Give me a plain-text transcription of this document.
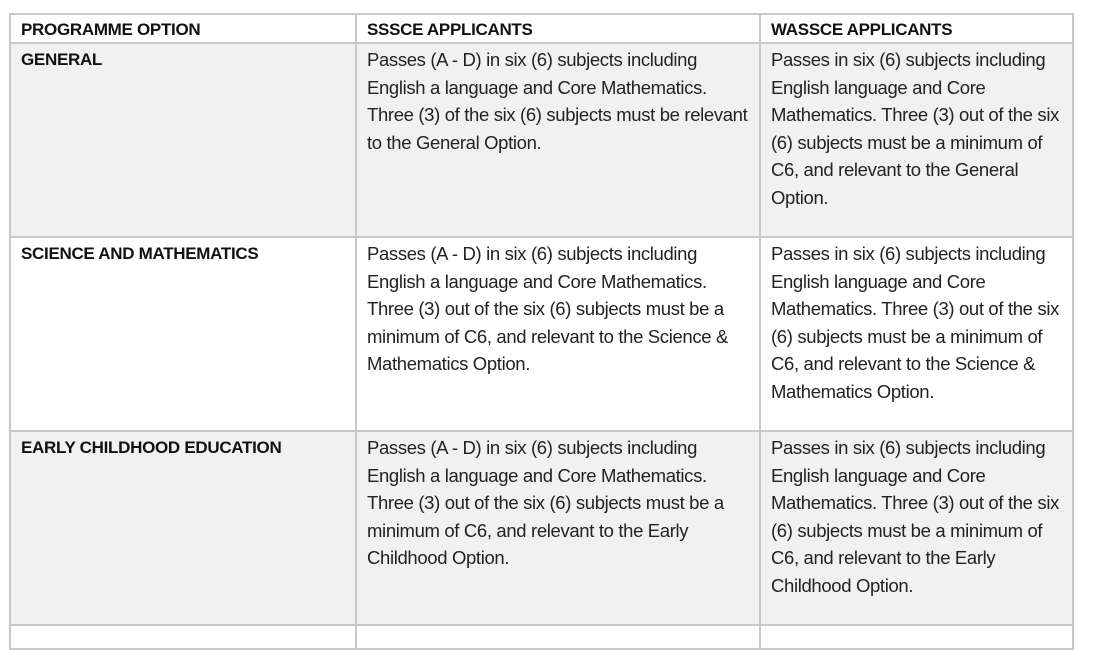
PROGRAMME OPTION	SSSCE APPLICANTS	WASSCE APPLICANTS
GENERAL	Passes (A - D) in six (6) subjects including English a language and Core Mathematics. Three (3) of the six (6) subjects must be relevant to the General Option.	Passes in six (6) subjects including English language and Core Mathematics. Three (3) out of the six (6) subjects must be a minimum of C6, and relevant to the General Option.
SCIENCE AND MATHEMATICS	Passes (A - D) in six (6) subjects including English a language and Core Mathematics. Three (3) out of the six (6) subjects must be a minimum of C6, and relevant to the Science & Mathematics Option.	Passes in six (6) subjects including English language and Core Mathematics. Three (3) out of the six (6) subjects must be a minimum of C6, and relevant to the Science & Mathematics Option.
EARLY CHILDHOOD EDUCATION	Passes (A - D) in six (6) subjects including English a language and Core Mathematics. Three (3) out of the six (6) subjects must be a minimum of C6, and relevant to the Early Childhood Option.	Passes in six (6) subjects including English language and Core Mathematics. Three (3) out of the six (6) subjects must be a minimum of C6, and relevant to the Early Childhood Option.
